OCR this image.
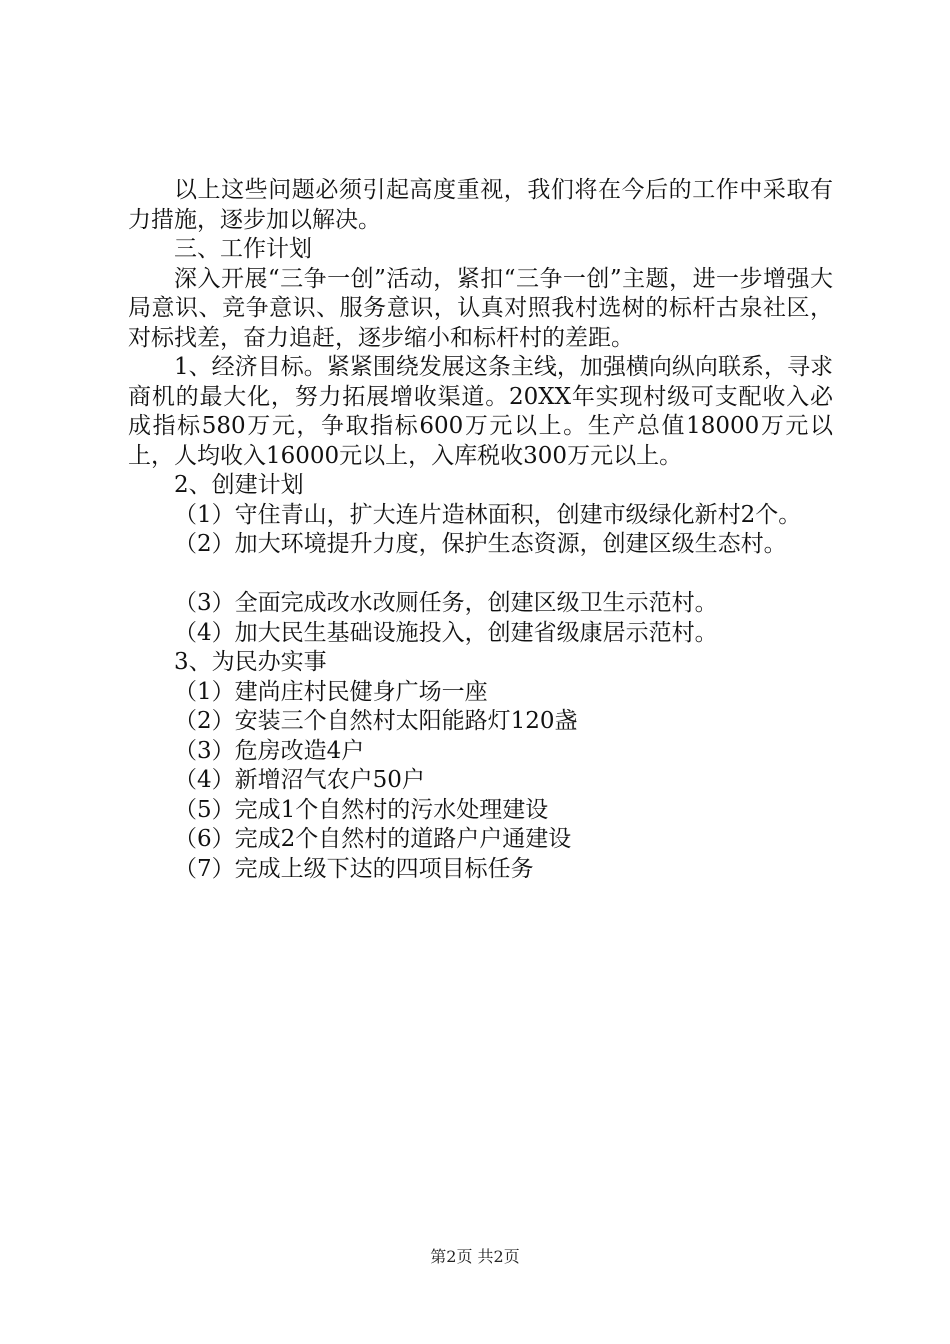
以上这些问题必须引起高度重视，我们将在今后的工作中采取有力措施，逐步加以解决。

三、工作计划

深入开展“三争一创”活动，紧扣“三争一创”主题，进一步增强大局意识、竞争意识、服务意识，认真对照我村选树的标杆古泉社区，对标找差，奋力追赶，逐步缩小和标杆村的差距。

1、经济目标。紧紧围绕发展这条主线，加强横向纵向联系，寻求商机的最大化，努力拓展增收渠道。20XX年实现村级可支配收入必成指标580万元，争取指标600万元以上。生产总值18000万元以上，人均收入16000元以上，入库税收300万元以上。

2、创建计划

（1）守住青山，扩大连片造林面积，创建市级绿化新村2个。

（2）加大环境提升力度，保护生态资源，创建区级生态村。

（3）全面完成改水改厕任务，创建区级卫生示范村。

（4）加大民生基础设施投入，创建省级康居示范村。

3、为民办实事

（1）建尚庄村民健身广场一座

（2）安装三个自然村太阳能路灯120盏

（3）危房改造4户

（4）新增沼气农户50户

（5）完成1个自然村的污水处理建设

（6）完成2个自然村的道路户户通建设

（7）完成上级下达的四项目标任务

第2页 共2页
